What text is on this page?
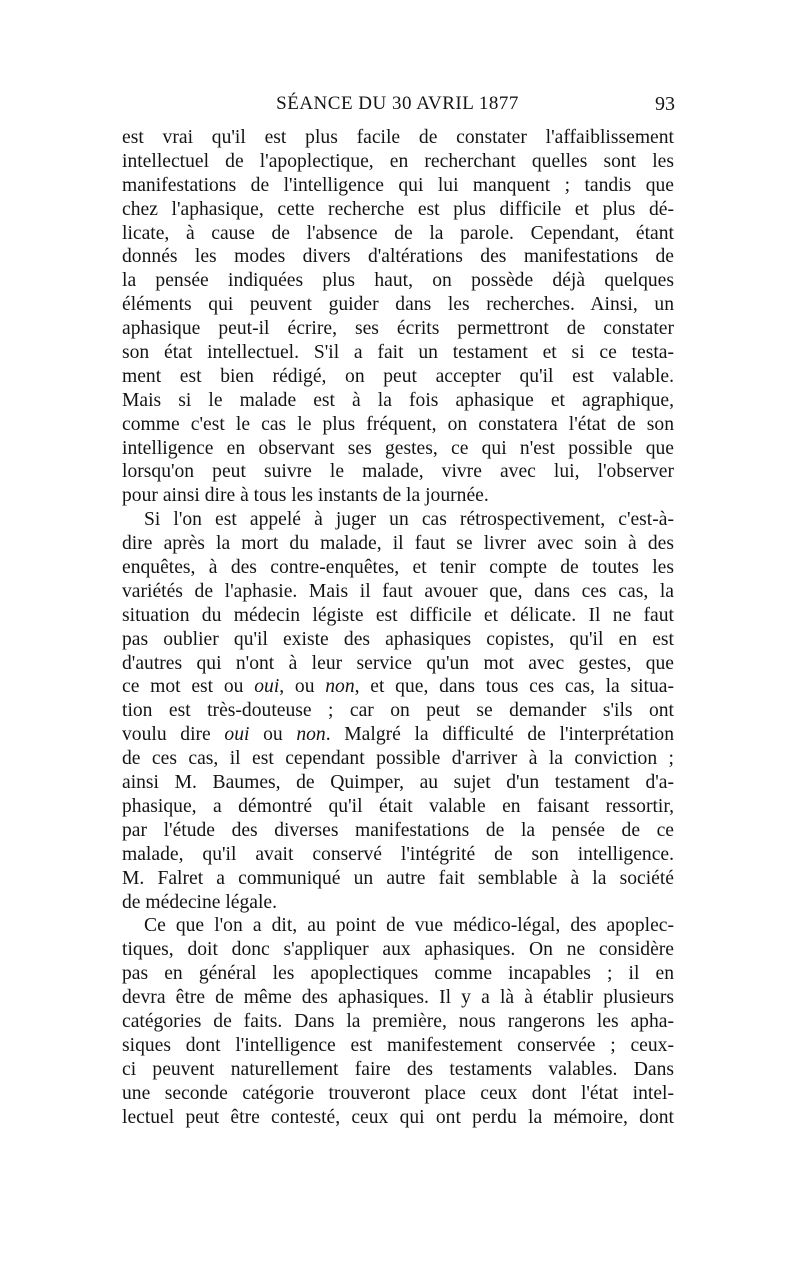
SÉANCE DU 30 AVRIL 1877	93
est vrai qu'il est plus facile de constater l'affaiblissement
intellectuel de l'apoplectique, en recherchant quelles sont les
manifestations de l'intelligence qui lui manquent ; tandis que
chez l'aphasique, cette recherche est plus difficile et plus dé-
licate, à cause de l'absence de la parole. Cependant, étant
donnés les modes divers d'altérations des manifestations de
la pensée indiquées plus haut, on possède déjà quelques
éléments qui peuvent guider dans les recherches. Ainsi, un
aphasique peut-il écrire, ses écrits permettront de constater
son état intellectuel. S'il a fait un testament et si ce testa-
ment est bien rédigé, on peut accepter qu'il est valable.
Mais si le malade est à la fois aphasique et agraphique,
comme c'est le cas le plus fréquent, on constatera l'état de son
intelligence en observant ses gestes, ce qui n'est possible que
lorsqu'on peut suivre le malade, vivre avec lui, l'observer
pour ainsi dire à tous les instants de la journée.
Si l'on est appelé à juger un cas rétrospectivement, c'est-à-
dire après la mort du malade, il faut se livrer avec soin à des
enquêtes, à des contre-enquêtes, et tenir compte de toutes les
variétés de l'aphasie. Mais il faut avouer que, dans ces cas, la
situation du médecin légiste est difficile et délicate. Il ne faut
pas oublier qu'il existe des aphasiques copistes, qu'il en est
d'autres qui n'ont à leur service qu'un mot avec gestes, que
ce mot est ou oui, ou non, et que, dans tous ces cas, la situa-
tion est très-douteuse ; car on peut se demander s'ils ont
voulu dire oui ou non. Malgré la difficulté de l'interprétation
de ces cas, il est cependant possible d'arriver à la conviction ;
ainsi M. Baumes, de Quimper, au sujet d'un testament d'a-
phasique, a démontré qu'il était valable en faisant ressortir,
par l'étude des diverses manifestations de la pensée de ce
malade, qu'il avait conservé l'intégrité de son intelligence.
M. Falret a communiqué un autre fait semblable à la société
de médecine légale.
Ce que l'on a dit, au point de vue médico-légal, des apoplec-
tiques, doit donc s'appliquer aux aphasiques. On ne considère
pas en général les apoplectiques comme incapables ; il en
devra être de même des aphasiques. Il y a là à établir plusieurs
catégories de faits. Dans la première, nous rangerons les apha-
siques dont l'intelligence est manifestement conservée ; ceux-
ci peuvent naturellement faire des testaments valables. Dans
une seconde catégorie trouveront place ceux dont l'état intel-
lectuel peut être contesté, ceux qui ont perdu la mémoire, dont
